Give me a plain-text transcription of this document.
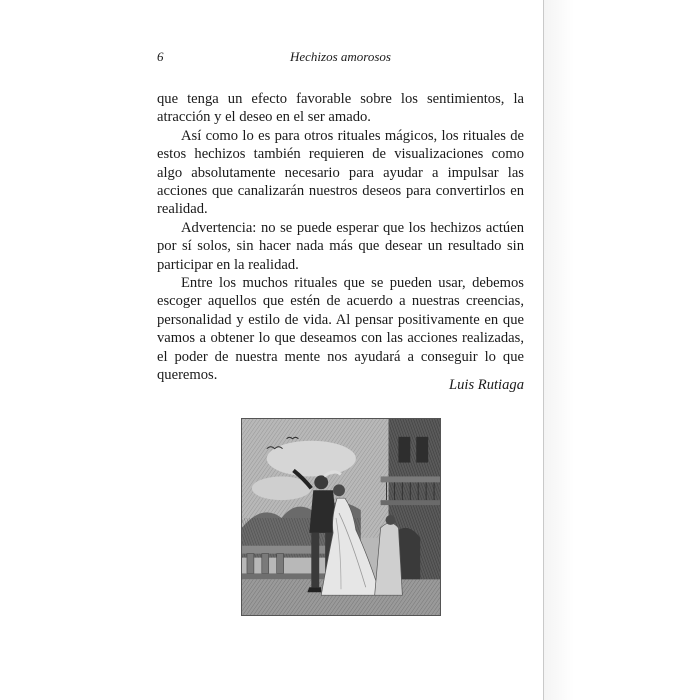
6	Hechizos amorosos

que tenga un efecto favorable sobre los sentimientos, la atracción y el deseo en el ser amado.

Así como lo es para otros rituales mágicos, los rituales de estos hechizos también requieren de visualizaciones como algo absolutamente necesario para ayudar a impulsar las acciones que canalizarán nuestros deseos para convertirlos en realidad.

Advertencia: no se puede esperar que los hechizos actúen por sí solos, sin hacer nada más que desear un resultado sin participar en la realidad.

Entre los muchos rituales que se pueden usar, debemos escoger aquellos que estén de acuerdo a nuestras creencias, personalidad y estilo de vida. Al pensar positivamente en que vamos a obtener lo que deseamos con las acciones realizadas, el poder de nuestra mente nos ayudará a conseguir lo que queremos.

Luis Rutiaga
